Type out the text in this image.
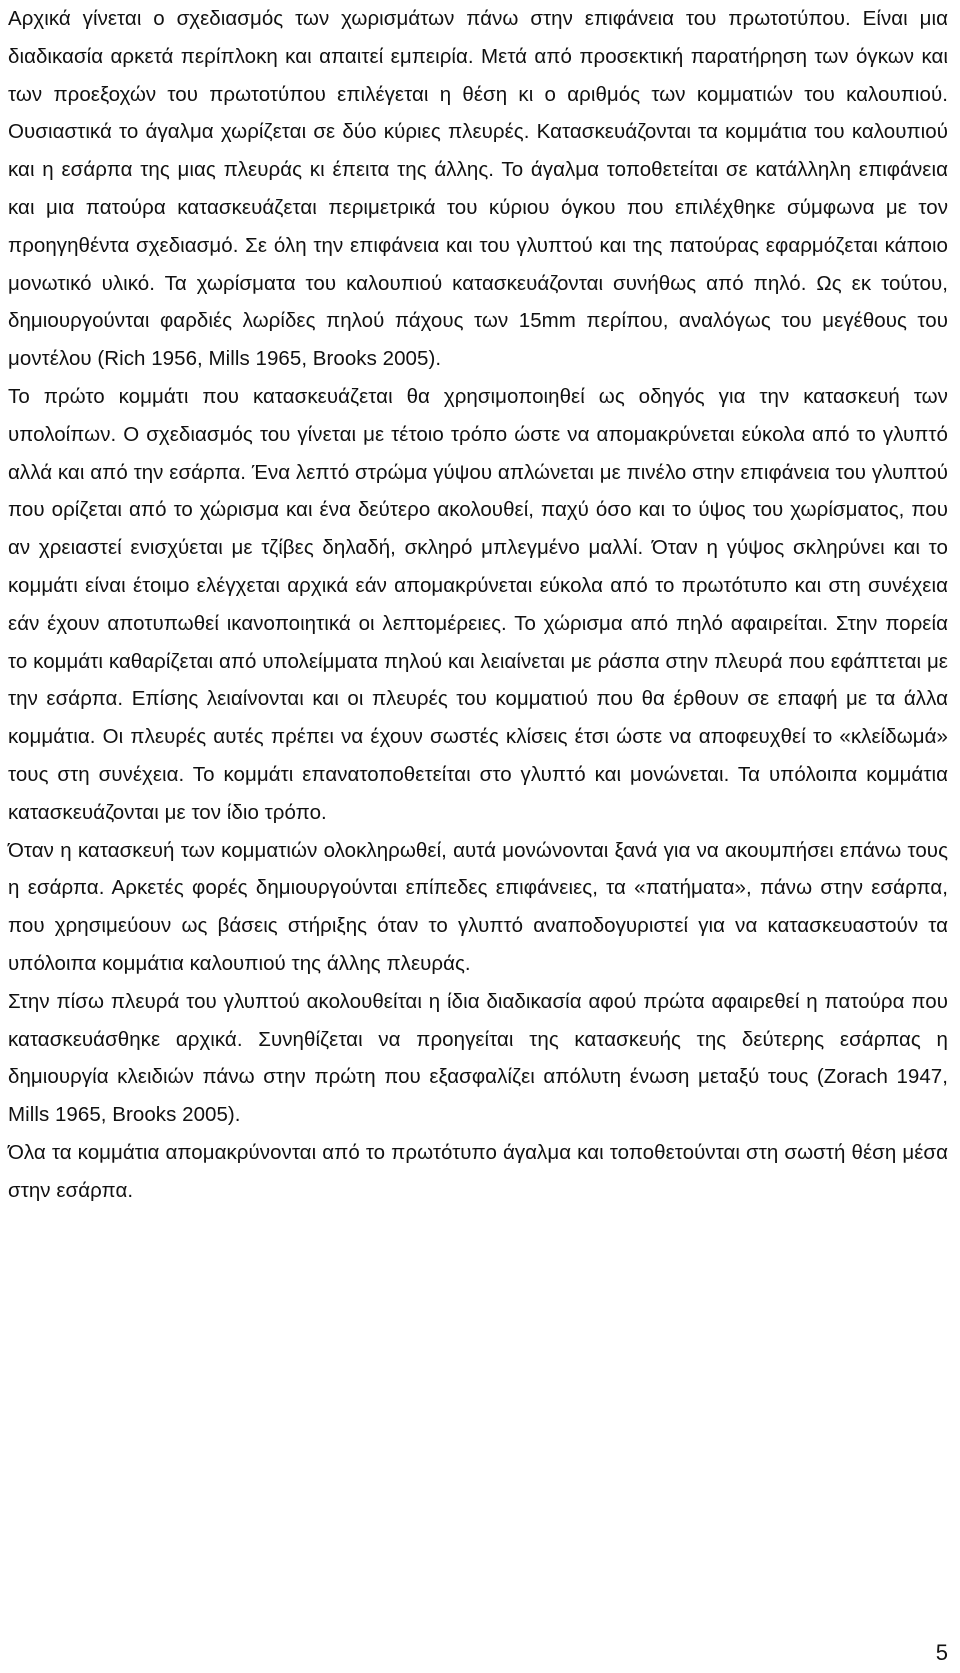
Αρχικά γίνεται ο σχεδιασμός των χωρισμάτων πάνω στην επιφάνεια του πρωτοτύπου. Είναι μια διαδικασία αρκετά περίπλοκη και απαιτεί εμπειρία. Μετά από προσεκτική παρατήρηση των όγκων και των προεξοχών του πρωτοτύπου επιλέγεται η θέση κι ο αριθμός των κομματιών του καλουπιού. Ουσιαστικά το άγαλμα χωρίζεται σε δύο κύριες πλευρές. Κατασκευάζονται τα κομμάτια του καλουπιού και η εσάρπα της μιας πλευράς κι έπειτα της άλλης. Το άγαλμα τοποθετείται σε κατάλληλη επιφάνεια και μια πατούρα κατασκευάζεται περιμετρικά του κύριου όγκου που επιλέχθηκε σύμφωνα με τον προηγηθέντα σχεδιασμό. Σε όλη την επιφάνεια και του γλυπτού και της πατούρας εφαρμόζεται κάποιο μονωτικό υλικό. Τα χωρίσματα του καλουπιού κατασκευάζονται συνήθως από πηλό. Ως εκ τούτου, δημιουργούνται φαρδιές λωρίδες πηλού πάχους των 15mm περίπου, αναλόγως του μεγέθους του μοντέλου (Rich 1956, Mills 1965, Brooks 2005).

Το πρώτο κομμάτι που κατασκευάζεται θα χρησιμοποιηθεί ως οδηγός για την κατασκευή των υπολοίπων. Ο σχεδιασμός του γίνεται με τέτοιο τρόπο ώστε να απομακρύνεται εύκολα από το γλυπτό αλλά και από την εσάρπα. Ένα λεπτό στρώμα γύψου απλώνεται με πινέλο στην επιφάνεια του γλυπτού που ορίζεται από το χώρισμα και ένα δεύτερο ακολουθεί, παχύ όσο και το ύψος του χωρίσματος, που αν χρειαστεί ενισχύεται με τζίβες δηλαδή, σκληρό μπλεγμένο μαλλί. Όταν η γύψος σκληρύνει και το κομμάτι είναι έτοιμο ελέγχεται αρχικά εάν απομακρύνεται εύκολα από το πρωτότυπο και στη συνέχεια εάν έχουν αποτυπωθεί ικανοποιητικά οι λεπτομέρειες. Το χώρισμα από πηλό αφαιρείται. Στην πορεία το κομμάτι καθαρίζεται από υπολείμματα πηλού και λειαίνεται με ράσπα στην πλευρά που εφάπτεται με την εσάρπα. Επίσης λειαίνονται και οι πλευρές του κομματιού που θα έρθουν σε επαφή με τα άλλα κομμάτια. Οι πλευρές αυτές πρέπει να έχουν σωστές κλίσεις έτσι ώστε να αποφευχθεί το «κλείδωμά» τους στη συνέχεια. Το κομμάτι επανατοποθετείται στο γλυπτό και μονώνεται. Τα υπόλοιπα κομμάτια κατασκευάζονται με τον ίδιο τρόπο.

Όταν η κατασκευή των κομματιών ολοκληρωθεί, αυτά μονώνονται ξανά για να ακουμπήσει επάνω τους η εσάρπα. Αρκετές φορές δημιουργούνται επίπεδες επιφάνειες, τα «πατήματα», πάνω στην εσάρπα, που χρησιμεύουν ως βάσεις στήριξης όταν το γλυπτό αναποδογυριστεί για να κατασκευαστούν τα υπόλοιπα κομμάτια καλουπιού της άλλης πλευράς.

Στην πίσω πλευρά του γλυπτού ακολουθείται η ίδια διαδικασία αφού πρώτα αφαιρεθεί η πατούρα που κατασκευάσθηκε αρχικά. Συνηθίζεται να προηγείται της κατασκευής της δεύτερης εσάρπας η δημιουργία κλειδιών πάνω στην πρώτη που εξασφαλίζει απόλυτη ένωση μεταξύ τους (Zorach 1947, Mills 1965, Brooks 2005).

Όλα τα κομμάτια απομακρύνονται από το πρωτότυπο άγαλμα και τοποθετούνται στη σωστή θέση μέσα στην εσάρπα.

5
